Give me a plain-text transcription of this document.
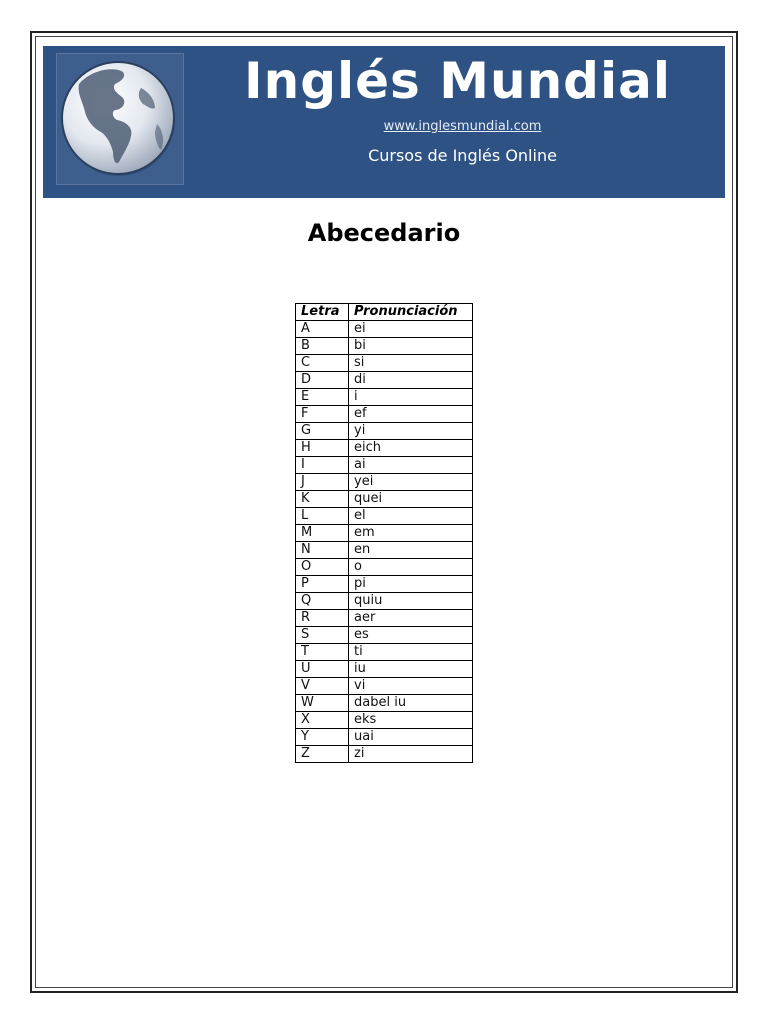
Inglés Mundial
www.inglesmundial.com
Cursos de Inglés Online
Abecedario
Letra	Pronunciación
A	ei
B	bi
C	si
D	di
E	i
F	ef
G	yi
H	eich
I	ai
J	yei
K	quei
L	el
M	em
N	en
O	o
P	pi
Q	quiu
R	aer
S	es
T	ti
U	iu
V	vi
W	dabel iu
X	eks
Y	uai
Z	zi
